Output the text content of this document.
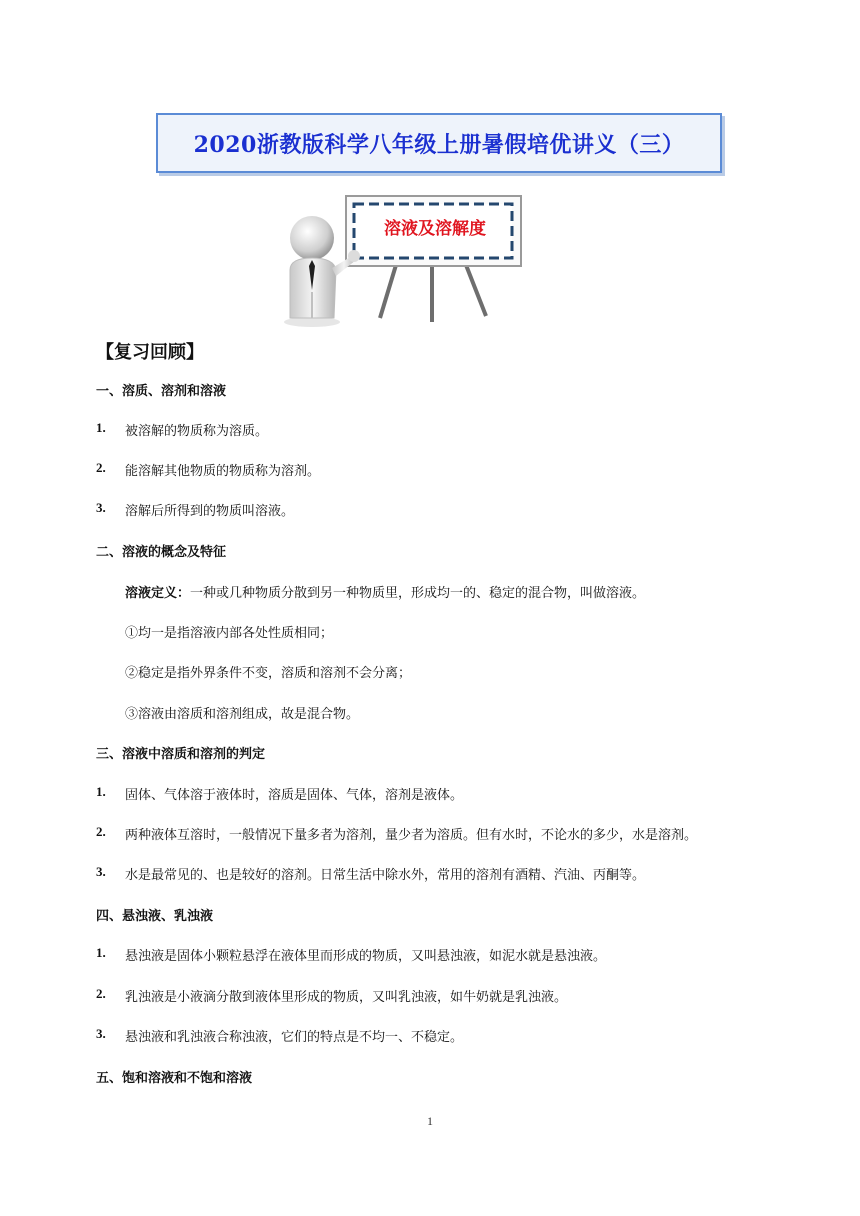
2020浙教版科学八年级上册暑假培优讲义（三）
溶液及溶解度
【复习回顾】
一、溶质、溶剂和溶液
1. 被溶解的物质称为溶质。
2. 能溶解其他物质的物质称为溶剂。
3. 溶解后所得到的物质叫溶液。
二、溶液的概念及特征
溶液定义：一种或几种物质分散到另一种物质里，形成均一的、稳定的混合物，叫做溶液。
①均一是指溶液内部各处性质相同；
②稳定是指外界条件不变，溶质和溶剂不会分离；
③溶液由溶质和溶剂组成，故是混合物。
三、溶液中溶质和溶剂的判定
1. 固体、气体溶于液体时，溶质是固体、气体，溶剂是液体。
2. 两种液体互溶时，一般情况下量多者为溶剂，量少者为溶质。但有水时，不论水的多少，水是溶剂。
3. 水是最常见的、也是较好的溶剂。日常生活中除水外，常用的溶剂有酒精、汽油、丙酮等。
四、悬浊液、乳浊液
1. 悬浊液是固体小颗粒悬浮在液体里而形成的物质，又叫悬浊液，如泥水就是悬浊液。
2. 乳浊液是小液滴分散到液体里形成的物质，又叫乳浊液，如牛奶就是乳浊液。
3. 悬浊液和乳浊液合称浊液，它们的特点是不均一、不稳定。
五、饱和溶液和不饱和溶液
1
